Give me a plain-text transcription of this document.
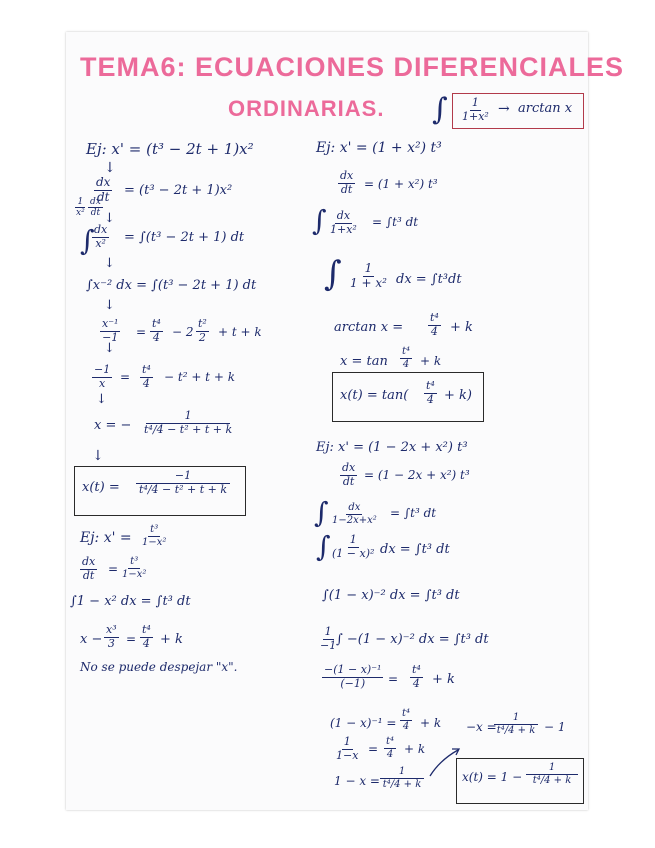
TEMA6: ECUACIONES DIFERENCIALES
ORDINARIAS. ∫ $\frac{1}{\text{1+x²}} \to \arctan x$
Ej: x' = (t³ − 2t + 1)x²
↓
$\frac{dx}{dt} = (t^3 - 2t + 1)x^2$
$\frac{1}{\text{x²}} \frac{dx}{dt}$ ↓
∫
$\frac{dx}{\text{x²}} = \int(t^3 - 2t + 1)$ dt
↓
∫x⁻² dx = ∫(t³ − 2t + 1) dt
↓
$\frac{\text{x⁻¹}}{-1} = \frac{\text{t⁴}}{4} - 2 \frac{\text{t²}}{2} + t + k$
↓
$\frac{-1}{x} = \frac{\text{t⁴}}{4} - t^2 + t + k$
↓
x = − $\frac{1}{\text{t⁴/4 − t² + t + k}}$
↓
$x(t) = \frac{-1}{\text{t⁴/4 − t² + t + k}}$
Ej: $x' = \frac{\text{t³}}{\text{1−x²}}$
$\frac{dx}{dt} = \frac{\text{t³}}{\text{1−x²}}$
∫1 − x² dx = ∫t³ dt
$x - \frac{\text{x³}}{3} = \frac{\text{t⁴}}{4} + k$
No se puede despejar "x".
Ej: x' = (1 + x²) t³
$\frac{dx}{dt} = (1 + x^2)$ t³
∫ $\frac{dx}{\text{1+x²}} = \int t^3$ dt
∫ $\frac{1}{\text{1 + x²}}$ dx = ∫t³dt
$\arctan x = \frac{\text{t⁴}}{4} + k$
$x = \tan \frac{\text{t⁴}}{4} + k$
$x(t) = \tan( \frac{\text{t⁴}}{4} + k)$
Ej: x' = (1 − 2x + x²) t³
$\frac{dx}{dt} = (1 - 2x + x^2)$ t³
∫ $\frac{dx}{\text{1−2x+x²}} = \int t^3$ dt
∫ $\frac{1}{\text{(1 − x)²}}$ dx = ∫t³ dt
∫(1 − x)⁻² dx = ∫t³ dt
$\frac{1}{-1}$
∫ −(1 − x)⁻² dx = ∫t³ dt
$\frac{\text{−(1 − x)⁻¹}}{(-1)} = \frac{\text{t⁴}}{4} + k$
$(1 - x)^{-1} = \frac{\text{t⁴}}{4} + k$
$\frac{1}{1-x} = \frac{\text{t⁴}}{4} + k$
$1 - x = \frac{1}{\text{t⁴/4 + k}}$
−x =
$\frac{1}{\text{t⁴/4 + k}} - 1$
$x(t) = 1 - \frac{1}{\text{t⁴/4 + k}}$
